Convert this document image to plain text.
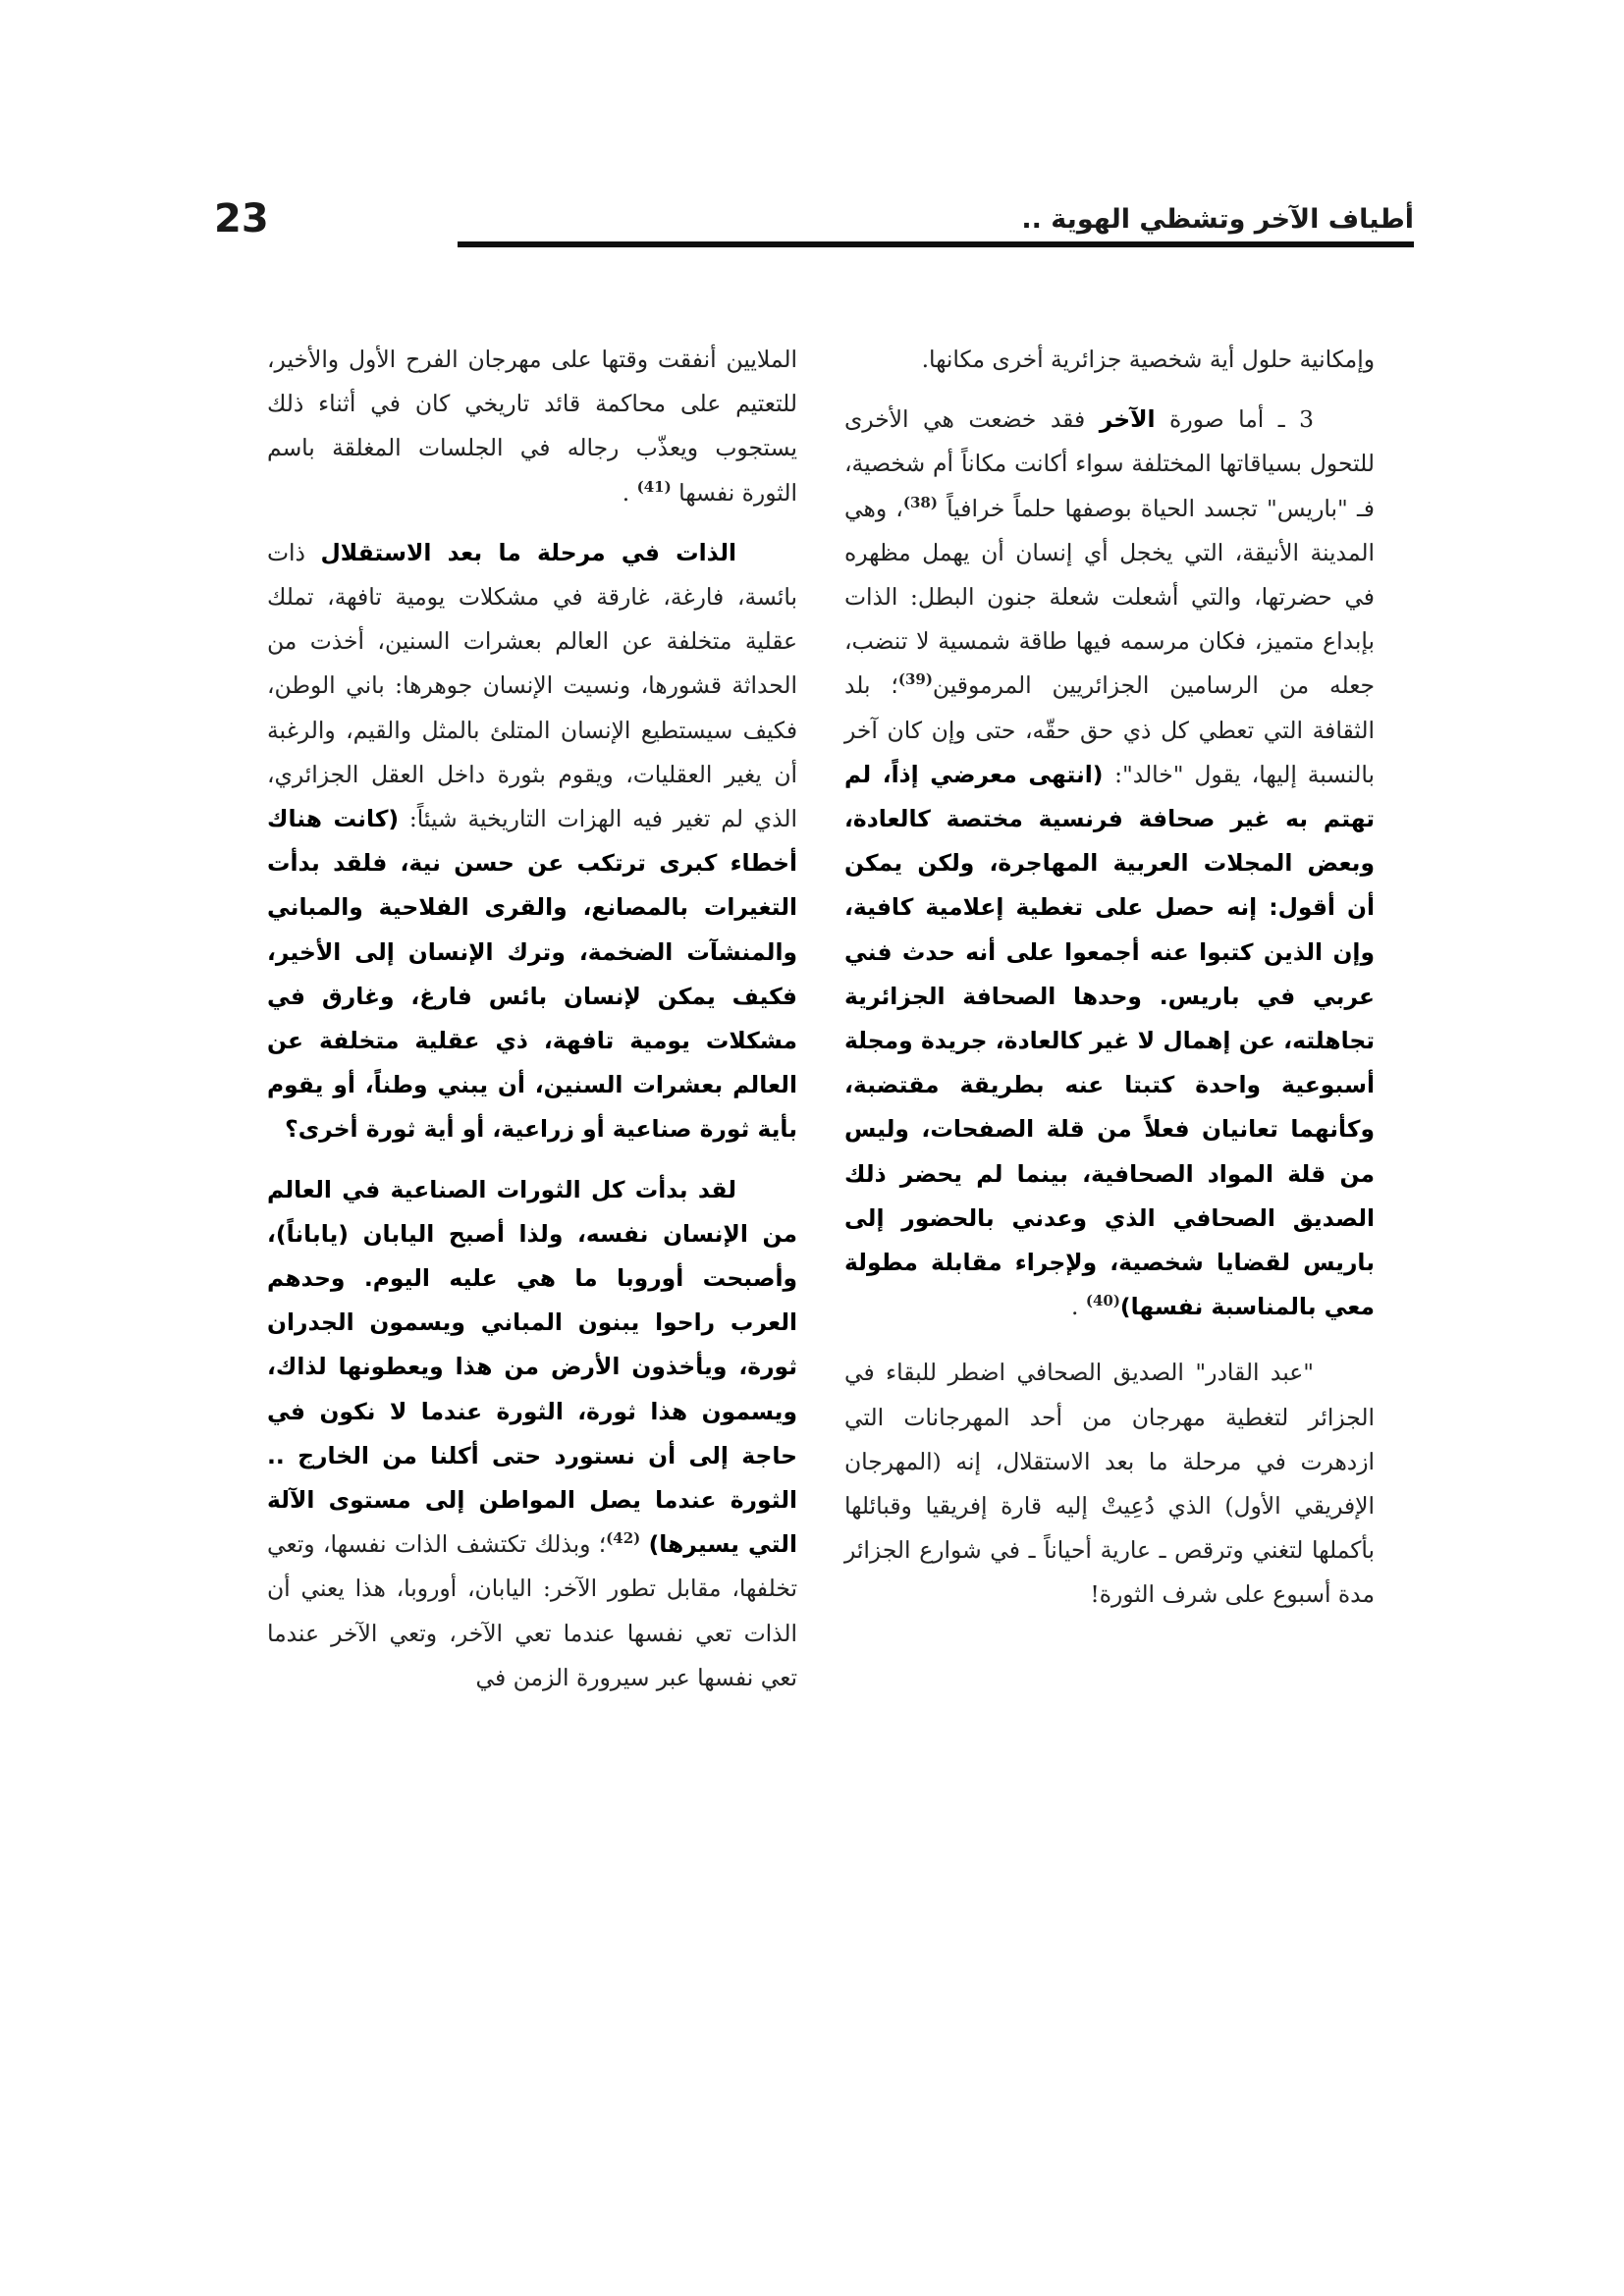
23	أطياف الآخر وتشظي الهوية ..

وإمكانية حلول أية شخصية جزائرية أخرى مكانها.

3 ـ أما صورة الآخر فقد خضعت هي الأخرى للتحول بسياقاتها المختلفة سواء أكانت مكاناً أم شخصية، فـ "باريس" تجسد الحياة بوصفها حلماً خرافياً $^{(38)}$، وهي المدينة الأنيقة، التي يخجل أي إنسان أن يهمل مظهره في حضرتها، والتي أشعلت شعلة جنون البطل: الذات بإبداع متميز، فكان مرسمه فيها طاقة شمسية لا تنضب، جعله من الرسامين الجزائريين المرموقين$^{(39)}$؛ بلد الثقافة التي تعطي كل ذي حق حقّه، حتى وإن كان آخر بالنسبة إليها، يقول "خالد": (انتهى معرضي إذاً، لم تهتم به غير صحافة فرنسية مختصة كالعادة، وبعض المجلات العربية المهاجرة، ولكن يمكن أن أقول: إنه حصل على تغطية إعلامية كافية، وإن الذين كتبوا عنه أجمعوا على أنه حدث فني عربي في باريس. وحدها الصحافة الجزائرية تجاهلته، عن إهمال لا غير كالعادة، جريدة ومجلة أسبوعية واحدة كتبتا عنه بطريقة مقتضبة، وكأنهما تعانيان فعلاً من قلة الصفحات، وليس من قلة المواد الصحافية، بينما لم يحضر ذلك الصديق الصحافي الذي وعدني بالحضور إلى باريس لقضايا شخصية، ولإجراء مقابلة مطولة معي بالمناسبة نفسها)$^{(40)}$ .

"عبد القادر" الصديق الصحافي اضطر للبقاء في الجزائر لتغطية مهرجان من أحد المهرجانات التي ازدهرت في مرحلة ما بعد الاستقلال، إنه (المهرجان الإفريقي الأول) الذي دُعِيتْ إليه قارة إفريقيا وقبائلها بأكملها لتغني وترقص ـ عارية أحياناً ـ في شوارع الجزائر مدة أسبوع على شرف الثورة!

الملايين أنفقت وقتها على مهرجان الفرح الأول والأخير، للتعتيم على محاكمة قائد تاريخي كان في أثناء ذلك يستجوب ويعذّب رجاله في الجلسات المغلقة باسم الثورة نفسها $^{(41)}$ .

الذات في مرحلة ما بعد الاستقلال ذات بائسة، فارغة، غارقة في مشكلات يومية تافهة، تملك عقلية متخلفة عن العالم بعشرات السنين، أخذت من الحداثة قشورها، ونسيت الإنسان جوهرها: باني الوطن، فكيف سيستطيع الإنسان المتلئ بالمثل والقيم، والرغبة أن يغير العقليات، ويقوم بثورة داخل العقل الجزائري، الذي لم تغير فيه الهزات التاريخية شيئاً: (كانت هناك أخطاء كبرى ترتكب عن حسن نية، فلقد بدأت التغيرات بالمصانع، والقرى الفلاحية والمباني والمنشآت الضخمة، وترك الإنسان إلى الأخير، فكيف يمكن لإنسان بائس فارغ، وغارق في مشكلات يومية تافهة، ذي عقلية متخلفة عن العالم بعشرات السنين، أن يبني وطناً، أو يقوم بأية ثورة صناعية أو زراعية، أو أية ثورة أخرى؟

لقد بدأت كل الثورات الصناعية في العالم من الإنسان نفسه، ولذا أصبح اليابان (ياباناً)، وأصبحت أوروبا ما هي عليه اليوم. وحدهم العرب راحوا يبنون المباني ويسمون الجدران ثورة، ويأخذون الأرض من هذا ويعطونها لذاك، ويسمون هذا ثورة، الثورة عندما لا نكون في حاجة إلى أن نستورد حتى أكلنا من الخارج .. الثورة عندما يصل المواطن إلى مستوى الآلة التي يسيرها) $^{(42)}$؛ وبذلك تكتشف الذات نفسها، وتعي تخلفها، مقابل تطور الآخر: اليابان، أوروبا، هذا يعني أن الذات تعي نفسها عندما تعي الآخر، وتعي الآخر عندما تعي نفسها عبر سيرورة الزمن في
